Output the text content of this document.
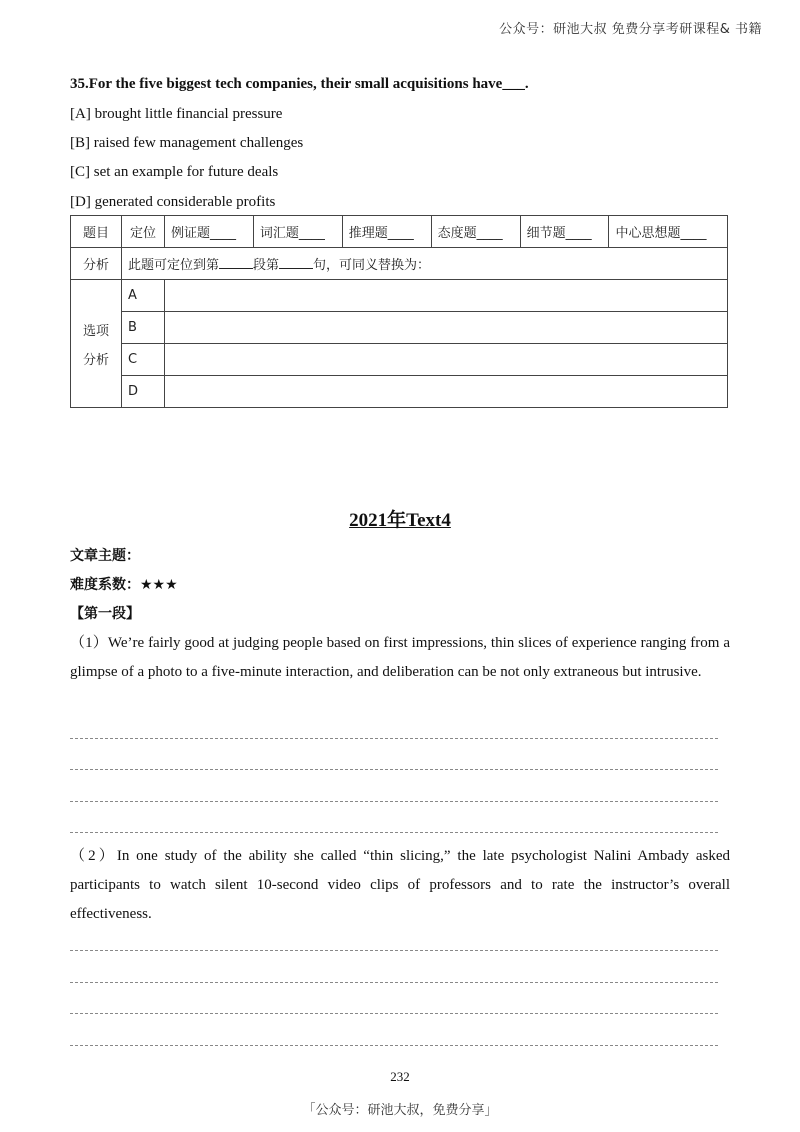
公众号：研池大叔 免费分享考研课程& 书籍
35.For the five biggest tech companies, their small acquisitions have___.
[A] brought little financial pressure
[B] raised few management challenges
[C] set an example for future deals
[D] generated considerable profits
题目	定位	例证题____	词汇题____	推理题____	态度题____	细节题____	中心思想题____
分析	此题可定位到第 段第 句，可同义替换为：						

选项
分析	A						
	B						
	C						
	D						
2021年Text4
文章主题：
难度系数：★★★
【第一段】
（1）We’re fairly good at judging people based on first impressions, thin slices of experience ranging from a glimpse of a photo to a five-minute interaction, and deliberation can be not only extraneous but intrusive.
（2）In one study of the ability she called “thin slicing,” the late psychologist Nalini Ambady asked participants to watch silent 10-second video clips of professors and to rate the instructor’s overall effectiveness.
232
「公众号：研池大叔，免费分享」
